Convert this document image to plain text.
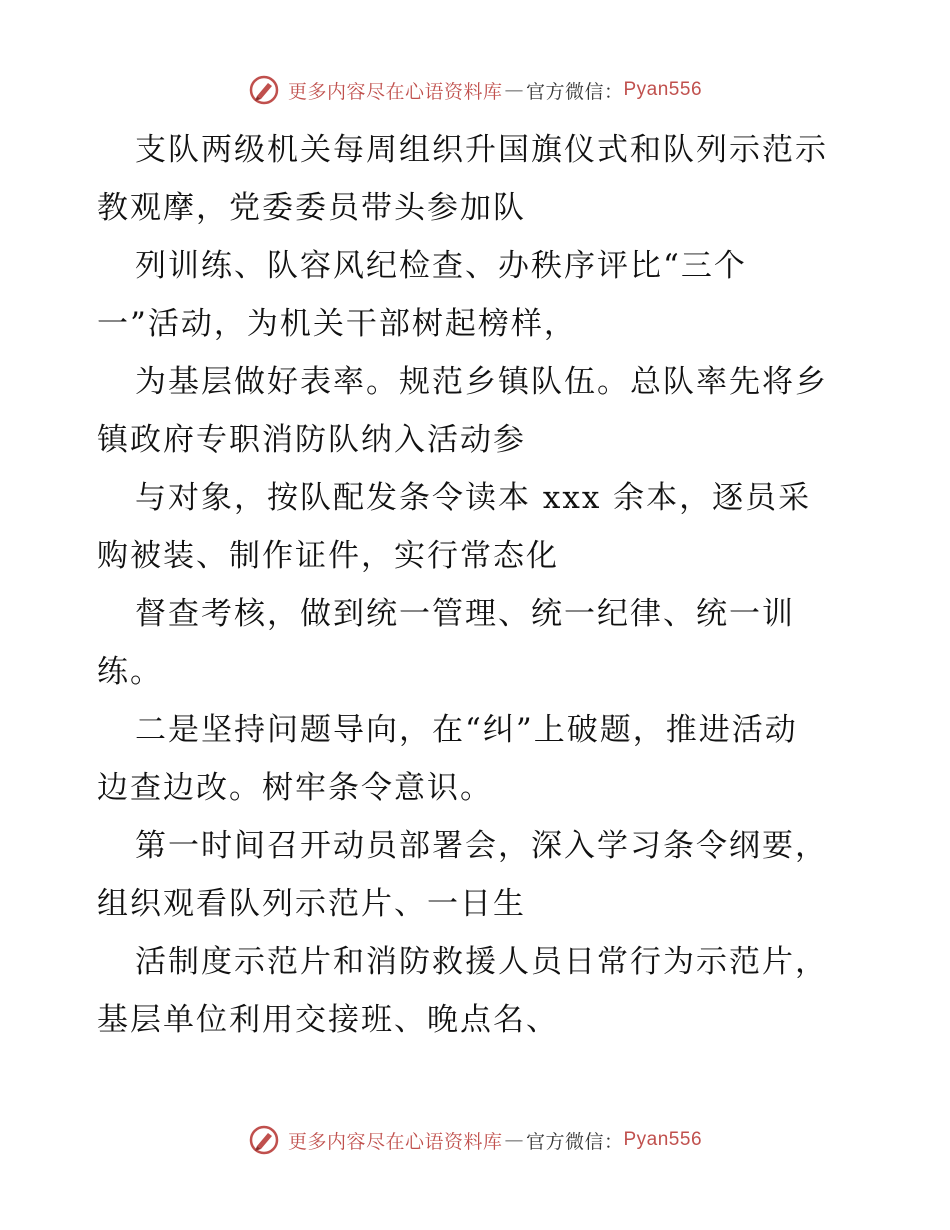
更多内容尽在心语资料库 — 官方微信： Pyan556
支队两级机关每周组织升国旗仪式和队列示范示
教观摩，党委委员带头参加队
列训练、队容风纪检查、办秩序评比“三个
一”活动，为机关干部树起榜样，
为基层做好表率。规范乡镇队伍。总队率先将乡
镇政府专职消防队纳入活动参
与对象，按队配发条令读本 xxx 余本，逐员采
购被装、制作证件，实行常态化
督查考核，做到统一管理、统一纪律、统一训
练。
二是坚持问题导向，在“纠”上破题，推进活动
边查边改。树牢条令意识。
第一时间召开动员部署会，深入学习条令纲要，
组织观看队列示范片、一日生
活制度示范片和消防救援人员日常行为示范片，
基层单位利用交接班、晚点名、
更多内容尽在心语资料库 — 官方微信： Pyan556
